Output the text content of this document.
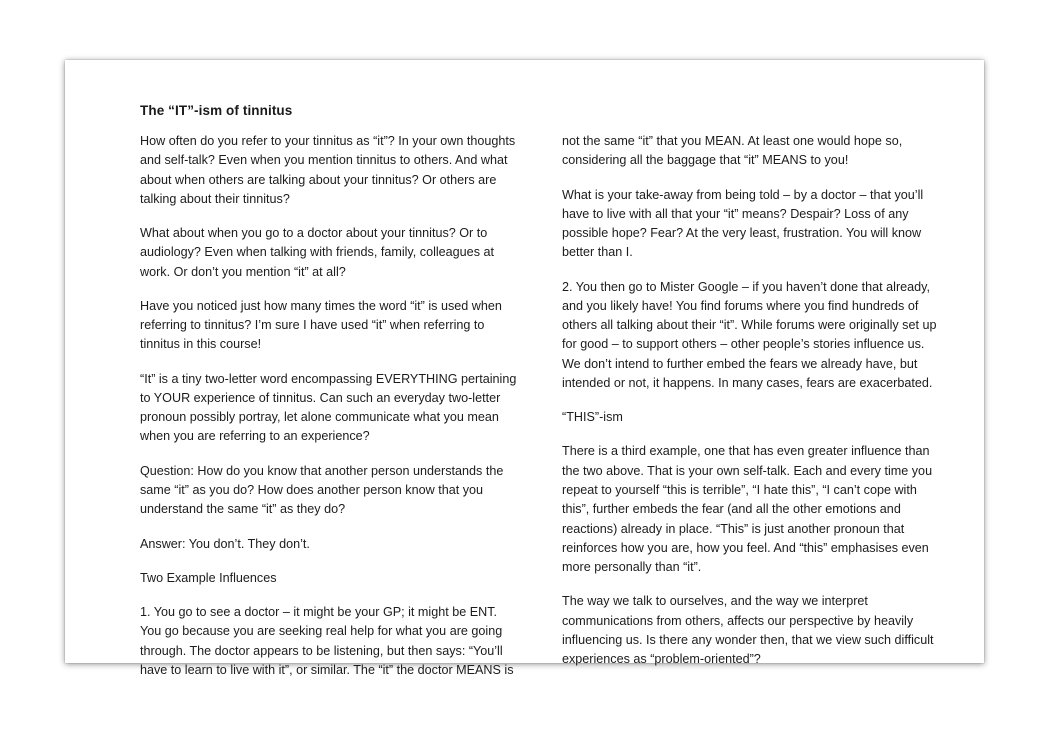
The “IT”-ism of tinnitus

How often do you refer to your tinnitus as “it”? In your own thoughts and self-talk? Even when you mention tinnitus to others. And what about when others are talking about your tinnitus? Or others are talking about their tinnitus?

What about when you go to a doctor about your tinnitus? Or to audiology? Even when talking with friends, family, colleagues at work. Or don’t you mention “it” at all?

Have you noticed just how many times the word “it” is used when referring to tinnitus? I’m sure I have used “it” when referring to tinnitus in this course!

“It” is a tiny two-letter word encompassing EVERYTHING pertaining to YOUR experience of tinnitus. Can such an everyday two-letter pronoun possibly portray, let alone communicate what you mean when you are referring to an experience?

Question: How do you know that another person understands the same “it” as you do? How does another person know that you understand the same “it” as they do?

Answer: You don’t. They don’t.

Two Example Influences

1. You go to see a doctor – it might be your GP; it might be ENT. You go because you are seeking real help for what you are going through. The doctor appears to be listening, but then says: “You’ll have to learn to live with it”, or similar. The “it” the doctor MEANS is

not the same “it” that you MEAN. At least one would hope so, considering all the baggage that “it” MEANS to you!

What is your take-away from being told – by a doctor – that you’ll have to live with all that your “it” means? Despair? Loss of any possible hope? Fear? At the very least, frustration. You will know better than I.

2. You then go to Mister Google – if you haven’t done that already, and you likely have! You find forums where you find hundreds of others all talking about their “it”. While forums were originally set up for good – to support others – other people’s stories influence us. We don’t intend to further embed the fears we already have, but intended or not, it happens. In many cases, fears are exacerbated.

“THIS”-ism

There is a third example, one that has even greater influence than the two above. That is your own self-talk. Each and every time you repeat to yourself “this is terrible”, “I hate this”, “I can’t cope with this”, further embeds the fear (and all the other emotions and reactions) already in place. “This” is just another pronoun that reinforces how you are, how you feel. And “this” emphasises even more personally than “it”.

The way we talk to ourselves, and the way we interpret communications from others, affects our perspective by heavily influencing us. Is there any wonder then, that we view such difficult experiences as “problem-oriented”?
